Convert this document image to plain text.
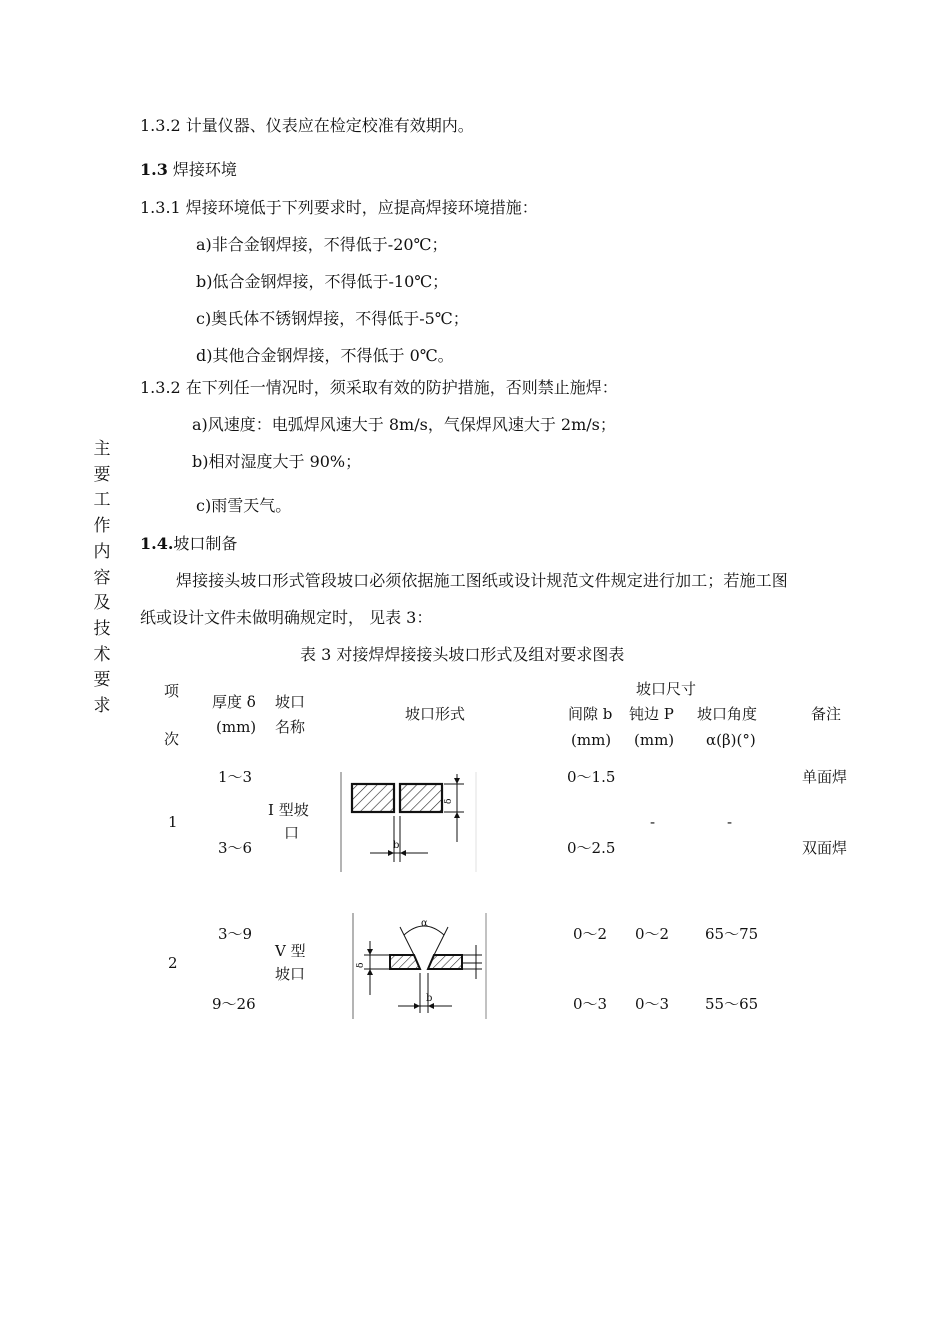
主
要
工
作
内
容
及
技
术
要
求
1.3.2 计量仪器、仪表应在检定校准有效期内。
1.3 焊接环境
1.3.1 焊接环境低于下列要求时，应提高焊接环境措施：
a)非合金钢焊接，不得低于-20℃；
b)低合金钢焊接，不得低于-10℃；
c)奥氏体不锈钢焊接，不得低于-5℃；
d)其他合金钢焊接，不得低于 0℃。
1.3.2 在下列任一情况时，须采取有效的防护措施，否则禁止施焊：
a)风速度：电弧焊风速大于 8m/s，气保焊风速大于 2m/s；
b)相对湿度大于 90%；
c)雨雪天气。
1.4.坡口制备
焊接接头坡口形式管段坡口必须依据施工图纸或设计规范文件规定进行加工；若施工图
纸或设计文件未做明确规定时， 见表 3：
表 3 对接焊焊接接头坡口形式及组对要求图表
项
次
厚度 δ
(mm)
坡口
名称
坡口形式
坡口尺寸
间隙 b
(mm)
钝边 P
(mm)
坡口角度
α(β)(°)
备注
1～3
3～6
1
I 型坡
口
0～1.5
0～2.5
-	-
单面焊
双面焊
δ
b
3～9
9～26
2
V 型
坡口
0～2
0～3
0～2
0～3
65～75
55～65
δ
α
b
